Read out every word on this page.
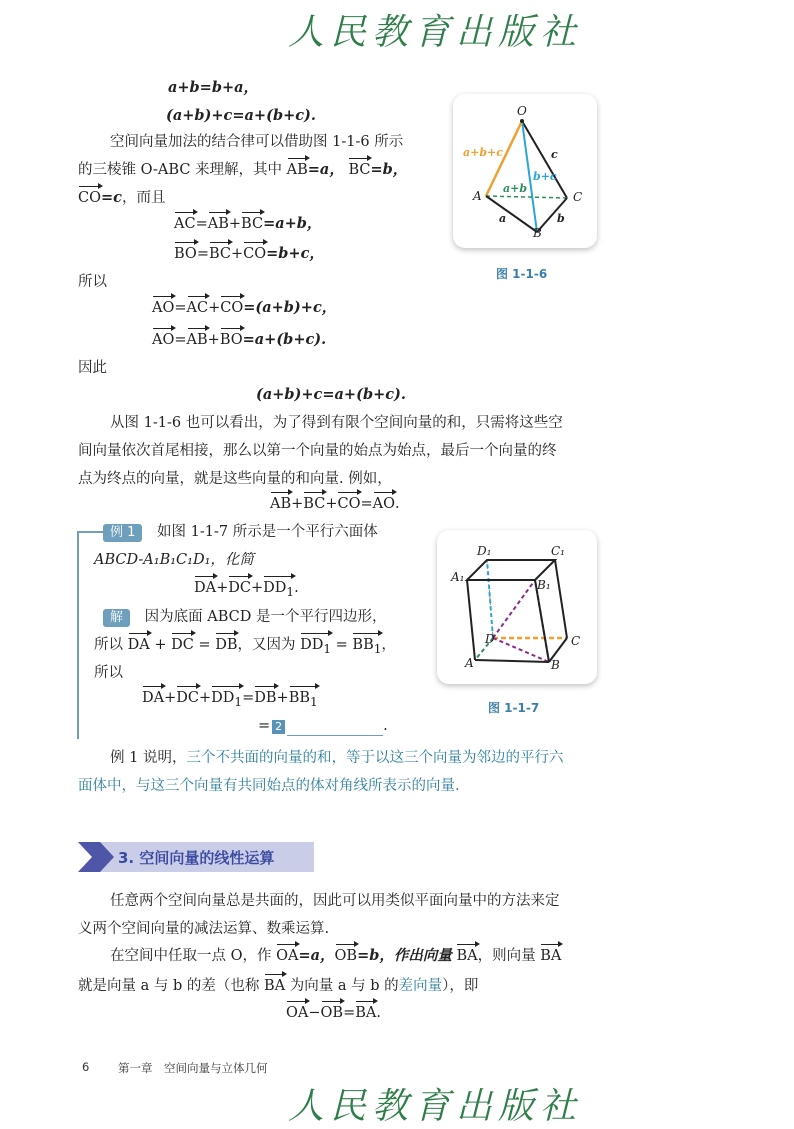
人民教育出版社
a+b=b+a，
(a+b)+c=a+(b+c).
空间向量加法的结合律可以借助图 1-1-6 所示
的三棱锥 O-ABC 来理解，其中 AB=a， BC=b，
CO=c，而且
AC=AB+BC=a+b，
BO=BC+CO=b+c，
所以
AO=AC+CO=(a+b)+c，
AO=AB+BO=a+(b+c).
因此
(a+b)+c=a+(b+c).
从图 1-1-6 也可以看出，为了得到有限个空间向量的和，只需将这些空
间向量依次首尾相接，那么以第一个向量的始点为始点，最后一个向量的终
点为终点的向量，就是这些向量的和向量. 例如，
AB+BC+CO=AO.
例 1 如图 1-1-7 所示是一个平行六面体
ABCD-A₁B₁C₁D₁，化简
$DA+DC+DD_1$.
解 因为底面 ABCD 是一个平行四边形，
所以 DA + DC = DB，又因为 $DD_1 = BB_1$，
所以
$DA+DC+DD_1=DB+BB_1$
= 2	.
例 1 说明，三个不共面的向量的和，等于以这三个向量为邻边的平行六
面体中，与这三个向量有共同始点的体对角线所表示的向量.
3. 空间向量的线性运算
任意两个空间向量总是共面的，因此可以用类似平面向量中的方法来定
义两个空间向量的减法运算、数乘运算.
在空间中任取一点 O，作 OA=a，OB=b，作出向量 BA，则向量 BA
就是向量 a 与 b 的差（也称 BA 为向量 a 与 b 的差向量），即
OA−OB=BA.
O
A
B
C
a+b+c
a+b
b+c
a	b
c
图 1-1-6
D₁	C₁
A₁
B₁
D	C
A	B
图 1-1-7
6 第一章　空间向量与立体几何
人民教育出版社
